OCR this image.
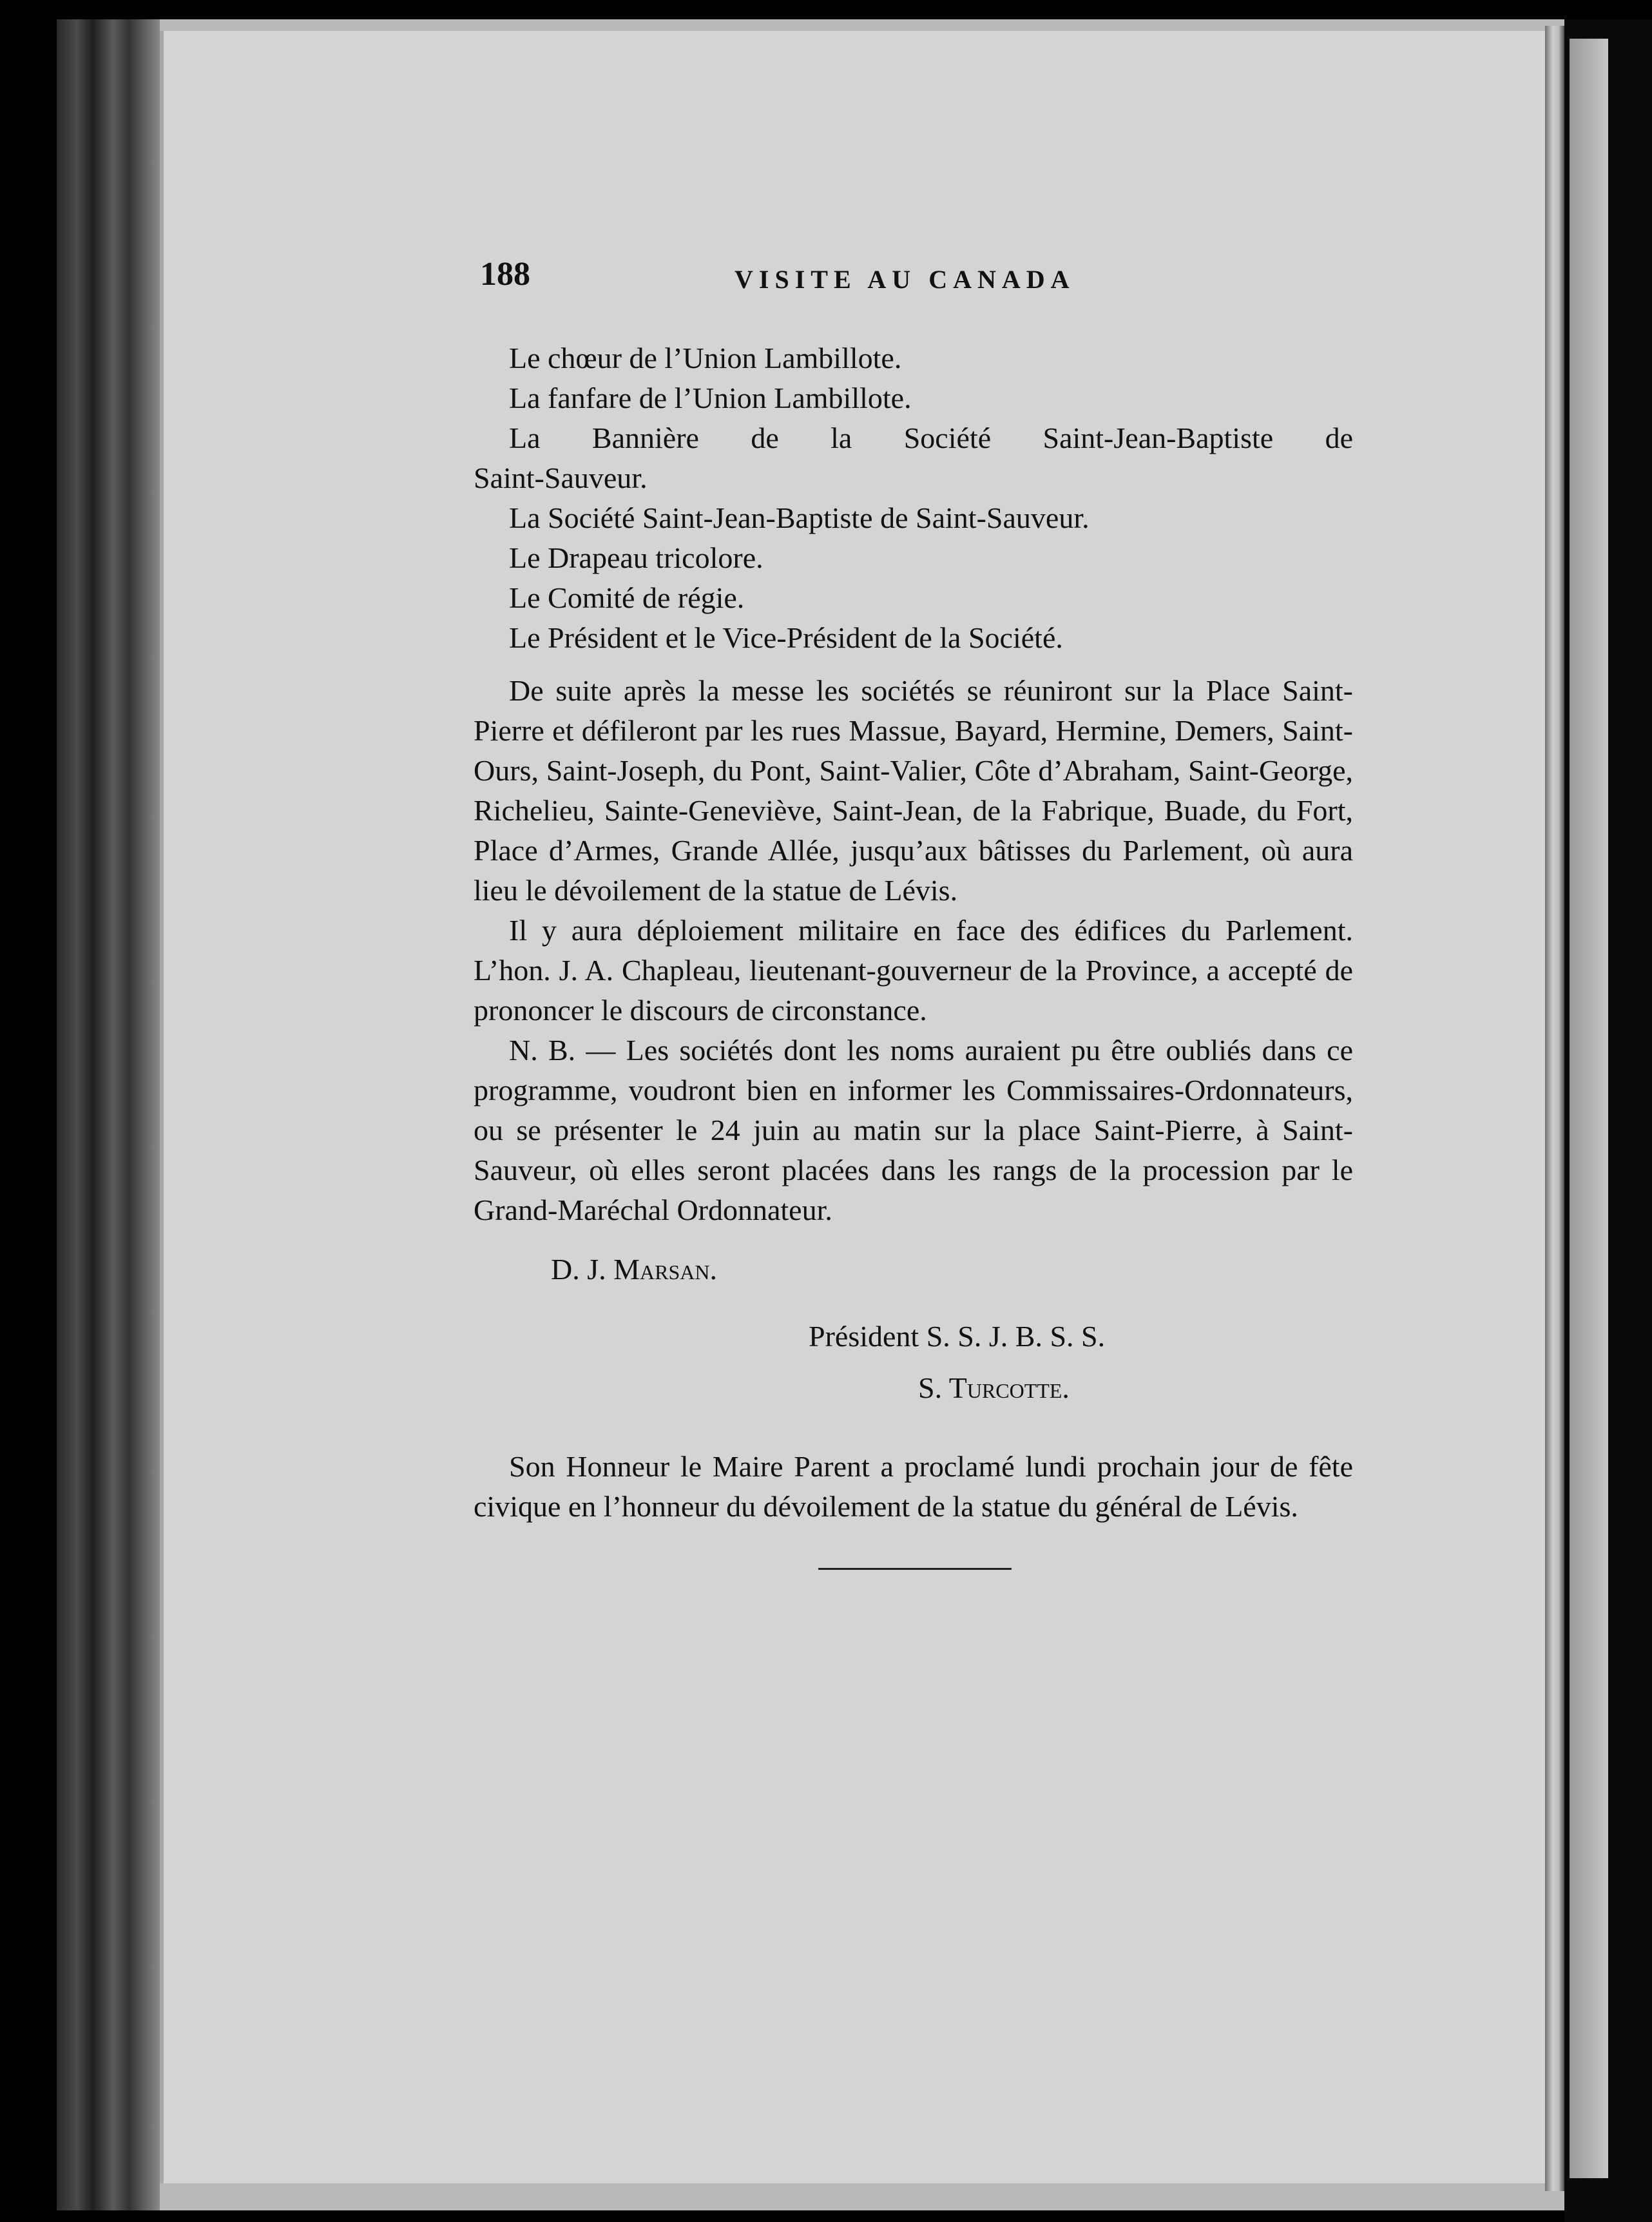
188	VISITE AU CANADA

Le chœur de l’Union Lambillote.

La fanfare de l’Union Lambillote.

La Bannière de la Société Saint-Jean-Baptiste de

Saint-Sauveur.

La Société Saint-Jean-Baptiste de Saint-Sauveur.

Le Drapeau tricolore.

Le Comité de régie.

Le Président et le Vice-Président de la Société.

De suite après la messe les sociétés se réuniront sur la Place Saint-Pierre et défileront par les rues Massue, Bayard, Hermine, Demers, Saint-Ours, Saint-Joseph, du Pont, Saint-Valier, Côte d’Abraham, Saint-George, Richelieu, Sainte-Geneviève, Saint-Jean, de la Fabrique, Buade, du Fort, Place d’Armes, Grande Allée, jusqu’aux bâtisses du Parlement, où aura lieu le dévoilement de la statue de Lévis.

Il y aura déploiement militaire en face des édifices du Parlement. L’hon. J. A. Chapleau, lieutenant-gouverneur de la Province, a accepté de prononcer le discours de circonstance.

N. B. — Les sociétés dont les noms auraient pu être oubliés dans ce programme, voudront bien en informer les Commissaires-Ordonnateurs, ou se présenter le 24 juin au matin sur la place Saint-Pierre, à Saint-Sauveur, où elles seront placées dans les rangs de la procession par le Grand-Maréchal Ordonnateur.

D. J. Marsan.
Président S. S. J. B. S. S.
S. Turcotte.

Son Honneur le Maire Parent a proclamé lundi prochain jour de fête civique en l’honneur du dévoilement de la statue du général de Lévis.
